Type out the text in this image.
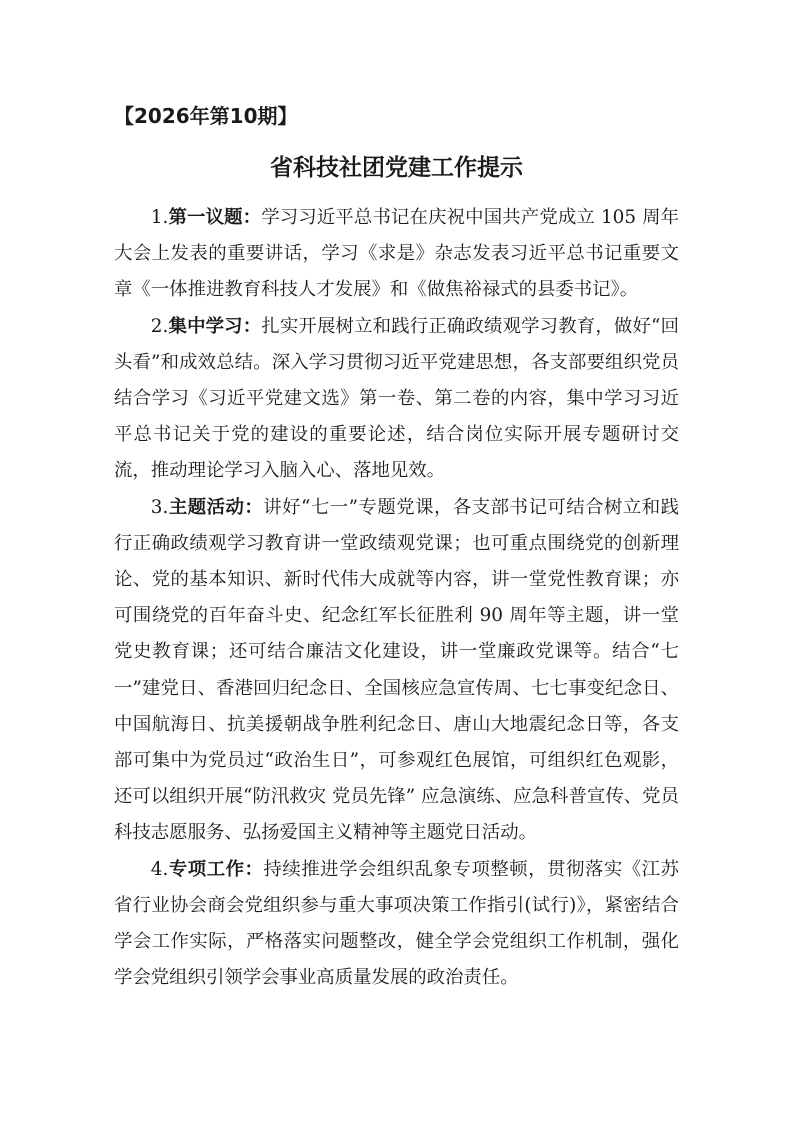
【2026年第10期】
省科技社团党建工作提示

1.第一议题：学习习近平总书记在庆祝中国共产党成立 105 周年大会上发表的重要讲话，学习《求是》杂志发表习近平总书记重要文章《一体推进教育科技人才发展》和《做焦裕禄式的县委书记》。

2.集中学习：扎实开展树立和践行正确政绩观学习教育，做好“回头看”和成效总结。深入学习贯彻习近平党建思想，各支部要组织党员结合学习《习近平党建文选》第一卷、第二卷的内容，集中学习习近平总书记关于党的建设的重要论述，结合岗位实际开展专题研讨交流，推动理论学习入脑入心、落地见效。

3.主题活动：讲好“七一”专题党课，各支部书记可结合树立和践行正确政绩观学习教育讲一堂政绩观党课；也可重点围绕党的创新理论、党的基本知识、新时代伟大成就等内容，讲一堂党性教育课；亦可围绕党的百年奋斗史、纪念红军长征胜利 90 周年等主题，讲一堂党史教育课；还可结合廉洁文化建设，讲一堂廉政党课等。结合“七一”建党日、香港回归纪念日、全国核应急宣传周、七七事变纪念日、中国航海日、抗美援朝战争胜利纪念日、唐山大地震纪念日等，各支部可集中为党员过“政治生日”，可参观红色展馆，可组织红色观影，还可以组织开展“防汛救灾 党员先锋” 应急演练、应急科普宣传、党员科技志愿服务、弘扬爱国主义精神等主题党日活动。

4.专项工作：持续推进学会组织乱象专项整顿，贯彻落实《江苏省行业协会商会党组织参与重大事项决策工作指引(试行)》，紧密结合学会工作实际，严格落实问题整改，健全学会党组织工作机制，强化学会党组织引领学会事业高质量发展的政治责任。
